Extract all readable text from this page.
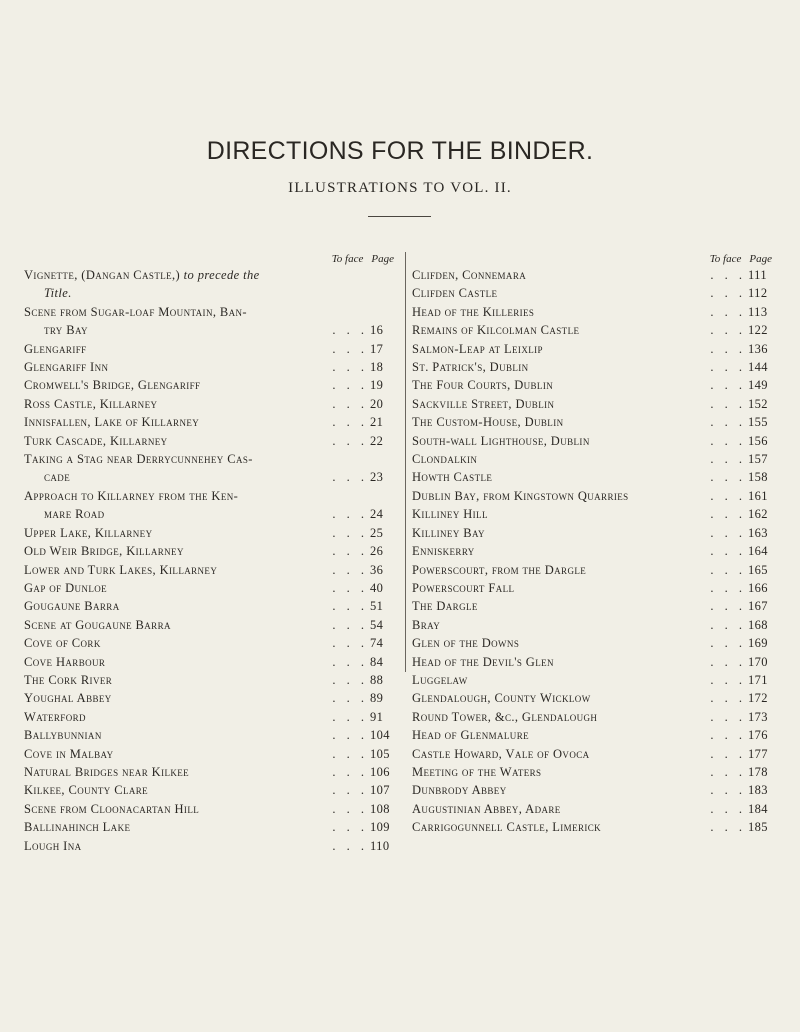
DIRECTIONS FOR THE BINDER.
ILLUSTRATIONS TO VOL. II.
To face Page
Vignette, (Dangan Castle,) to precede the
Title.
Scene from Sugar-loaf Mountain, Ban-
try Bay	. . . 16
Glengariff	. . . 17
Glengariff Inn	. . . 18
Cromwell's Bridge, Glengariff	. . . 19
Ross Castle, Killarney	. . . 20
Innisfallen, Lake of Killarney	. . . 21
Turk Cascade, Killarney	. . . 22
Taking a Stag near Derrycunnehey Cas-
cade	. . . 23
Approach to Killarney from the Ken-
mare Road	. . . 24
Upper Lake, Killarney	. . . 25
Old Weir Bridge, Killarney	. . . 26
Lower and Turk Lakes, Killarney	. . . 36
Gap of Dunloe	. . . 40
Gougaune Barra	. . . 51
Scene at Gougaune Barra	. . . 54
Cove of Cork	. . . 74
Cove Harbour	. . . 84
The Cork River	. . . 88
Youghal Abbey	. . . 89
Waterford	. . . 91
Ballybunnian	. . . 104
Cove in Malbay	. . . 105
Natural Bridges near Kilkee	. . . 106
Kilkee, County Clare	. . . 107
Scene from Cloonacartan Hill	. . . 108
Ballinahinch Lake	. . . 109
Lough Ina	. . . 110
To face Page
Clifden, Connemara	. . . 111
Clifden Castle	. . . 112
Head of the Killeries	. . . 113
Remains of Kilcolman Castle	. . . 122
Salmon-Leap at Leixlip	. . . 136
St. Patrick's, Dublin	. . . 144
The Four Courts, Dublin	. . . 149
Sackville Street, Dublin	. . . 152
The Custom-House, Dublin	. . . 155
South-wall Lighthouse, Dublin	. . . 156
Clondalkin	. . . 157
Howth Castle	. . . 158
Dublin Bay, from Kingstown Quarries	. . . 161
Killiney Hill	. . . 162
Killiney Bay	. . . 163
Enniskerry	. . . 164
Powerscourt, from the Dargle	. . . 165
Powerscourt Fall	. . . 166
The Dargle	. . . 167
Bray	. . . 168
Glen of the Downs	. . . 169
Head of the Devil's Glen	. . . 170
Luggelaw	. . . 171
Glendalough, County Wicklow	. . . 172
Round Tower, &c., Glendalough	. . . 173
Head of Glenmalure	. . . 176
Castle Howard, Vale of Ovoca	. . . 177
Meeting of the Waters	. . . 178
Dunbrody Abbey	. . . 183
Augustinian Abbey, Adare	. . . 184
Carrigogunnell Castle, Limerick	. . . 185
